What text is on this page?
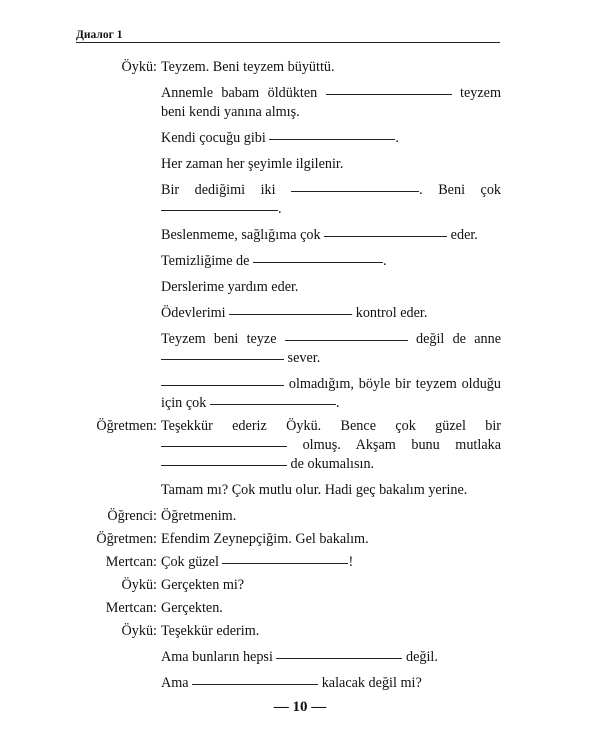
Диалог 1
Öykü: Teyzem. Beni teyzem büyüttü.
Annemle babam öldükten	teyzem beni kendi yanına almış.
Kendi çocuğu gibi	.
Her zaman her şeyimle ilgilenir.
Bir dediğimi iki	. Beni çok .
Beslenmeme, sağlığıma çok	eder.
Temizliğime de	.
Derslerime yardım eder.
Ödevlerimi	kontrol eder.
Teyzem beni teyze	değil de anne  sever.
olmadığım, böyle bir teyzem olduğu için çok	.
Öğretmen: Teşekkür ederiz Öykü. Bence çok güzel bir  olmuş. Akşam bunu mutlaka  de okumalısın.
Tamam mı? Çok mutlu olur. Hadi geç bakalım yerine.
Öğrenci: Öğretmenim.
Öğretmen: Efendim Zeynepçiğim. Gel bakalım.
Mertcan: Çok güzel	!
Öykü: Gerçekten mi?
Mertcan: Gerçekten.
Öykü: Teşekkür ederim.
Ama bunların hepsi	değil.
Ama	kalacak değil mi?
— 10 —
